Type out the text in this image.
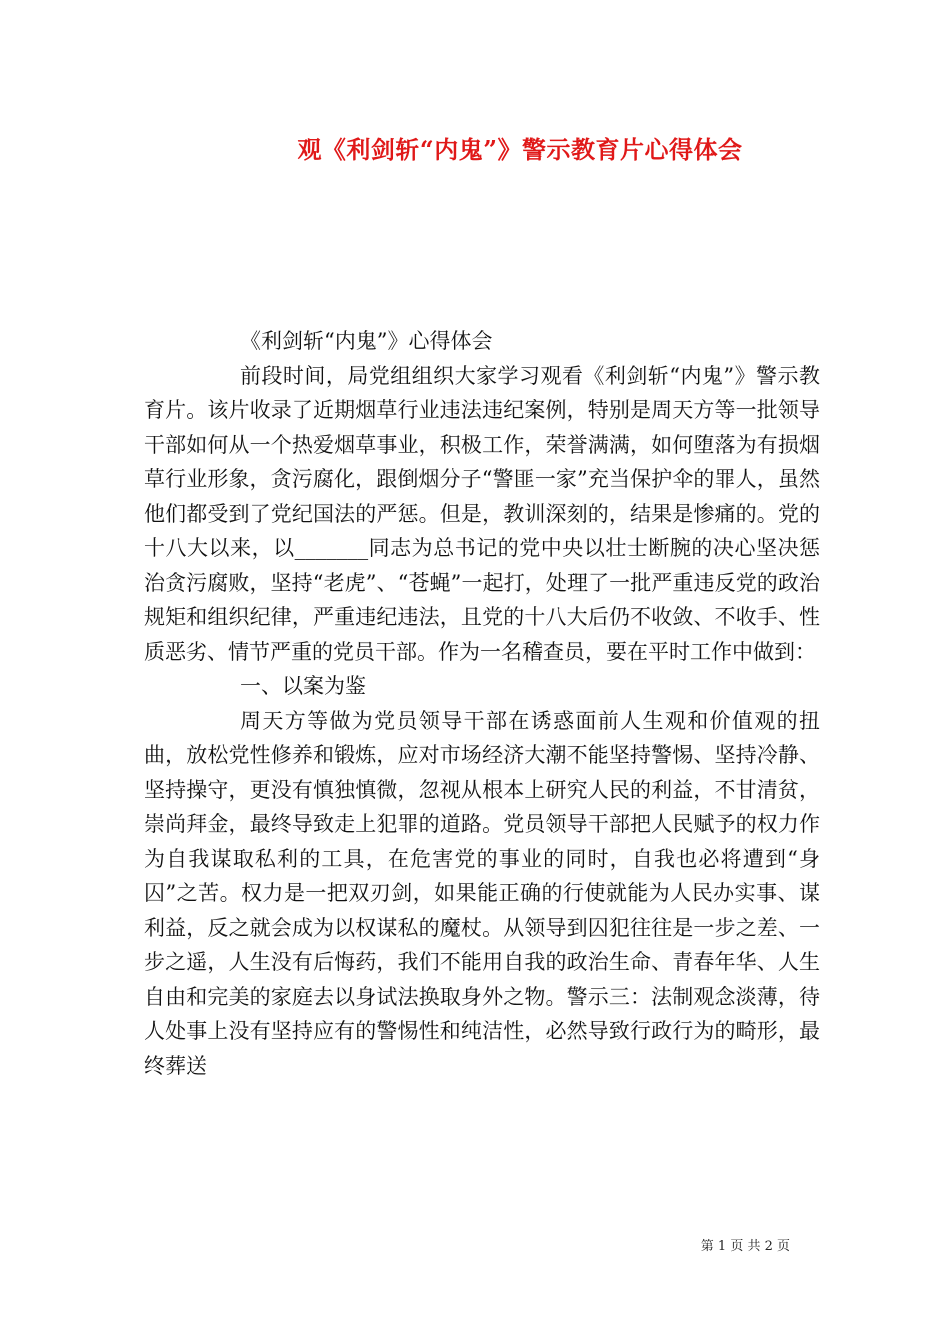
观《利剑斩“内鬼”》警示教育片心得体会

《利剑斩“内鬼”》心得体会

前段时间，局党组组织大家学习观看《利剑斩“内鬼”》警示教育片。该片收录了近期烟草行业违法违纪案例，特别是周天方等一批领导干部如何从一个热爱烟草事业，积极工作，荣誉满满，如何堕落为有损烟草行业形象，贪污腐化，跟倒烟分子“警匪一家”充当保护伞的罪人，虽然他们都受到了党纪国法的严惩。但是，教训深刻的，结果是惨痛的。党的十八大以来，以_______同志为总书记的党中央以壮士断腕的决心坚决惩治贪污腐败，坚持“老虎”、“苍蝇”一起打，处理了一批严重违反党的政治规矩和组织纪律，严重违纪违法，且党的十八大后仍不收敛、不收手、性质恶劣、情节严重的党员干部。作为一名稽查员，要在平时工作中做到：

一、以案为鉴

周天方等做为党员领导干部在诱惑面前人生观和价值观的扭曲，放松党性修养和锻炼，应对市场经济大潮不能坚持警惕、坚持冷静、坚持操守，更没有慎独慎微，忽视从根本上研究人民的利益，不甘清贫，崇尚拜金，最终导致走上犯罪的道路。党员领导干部把人民赋予的权力作为自我谋取私利的工具，在危害党的事业的同时，自我也必将遭到“身囚”之苦。权力是一把双刃剑，如果能正确的行使就能为人民办实事、谋利益，反之就会成为以权谋私的魔杖。从领导到囚犯往往是一步之差、一步之遥，人生没有后悔药，我们不能用自我的政治生命、青春年华、人生自由和完美的家庭去以身试法换取身外之物。警示三：法制观念淡薄，待人处事上没有坚持应有的警惕性和纯洁性，必然导致行政行为的畸形，最终葬送

第 1 页 共 2 页
